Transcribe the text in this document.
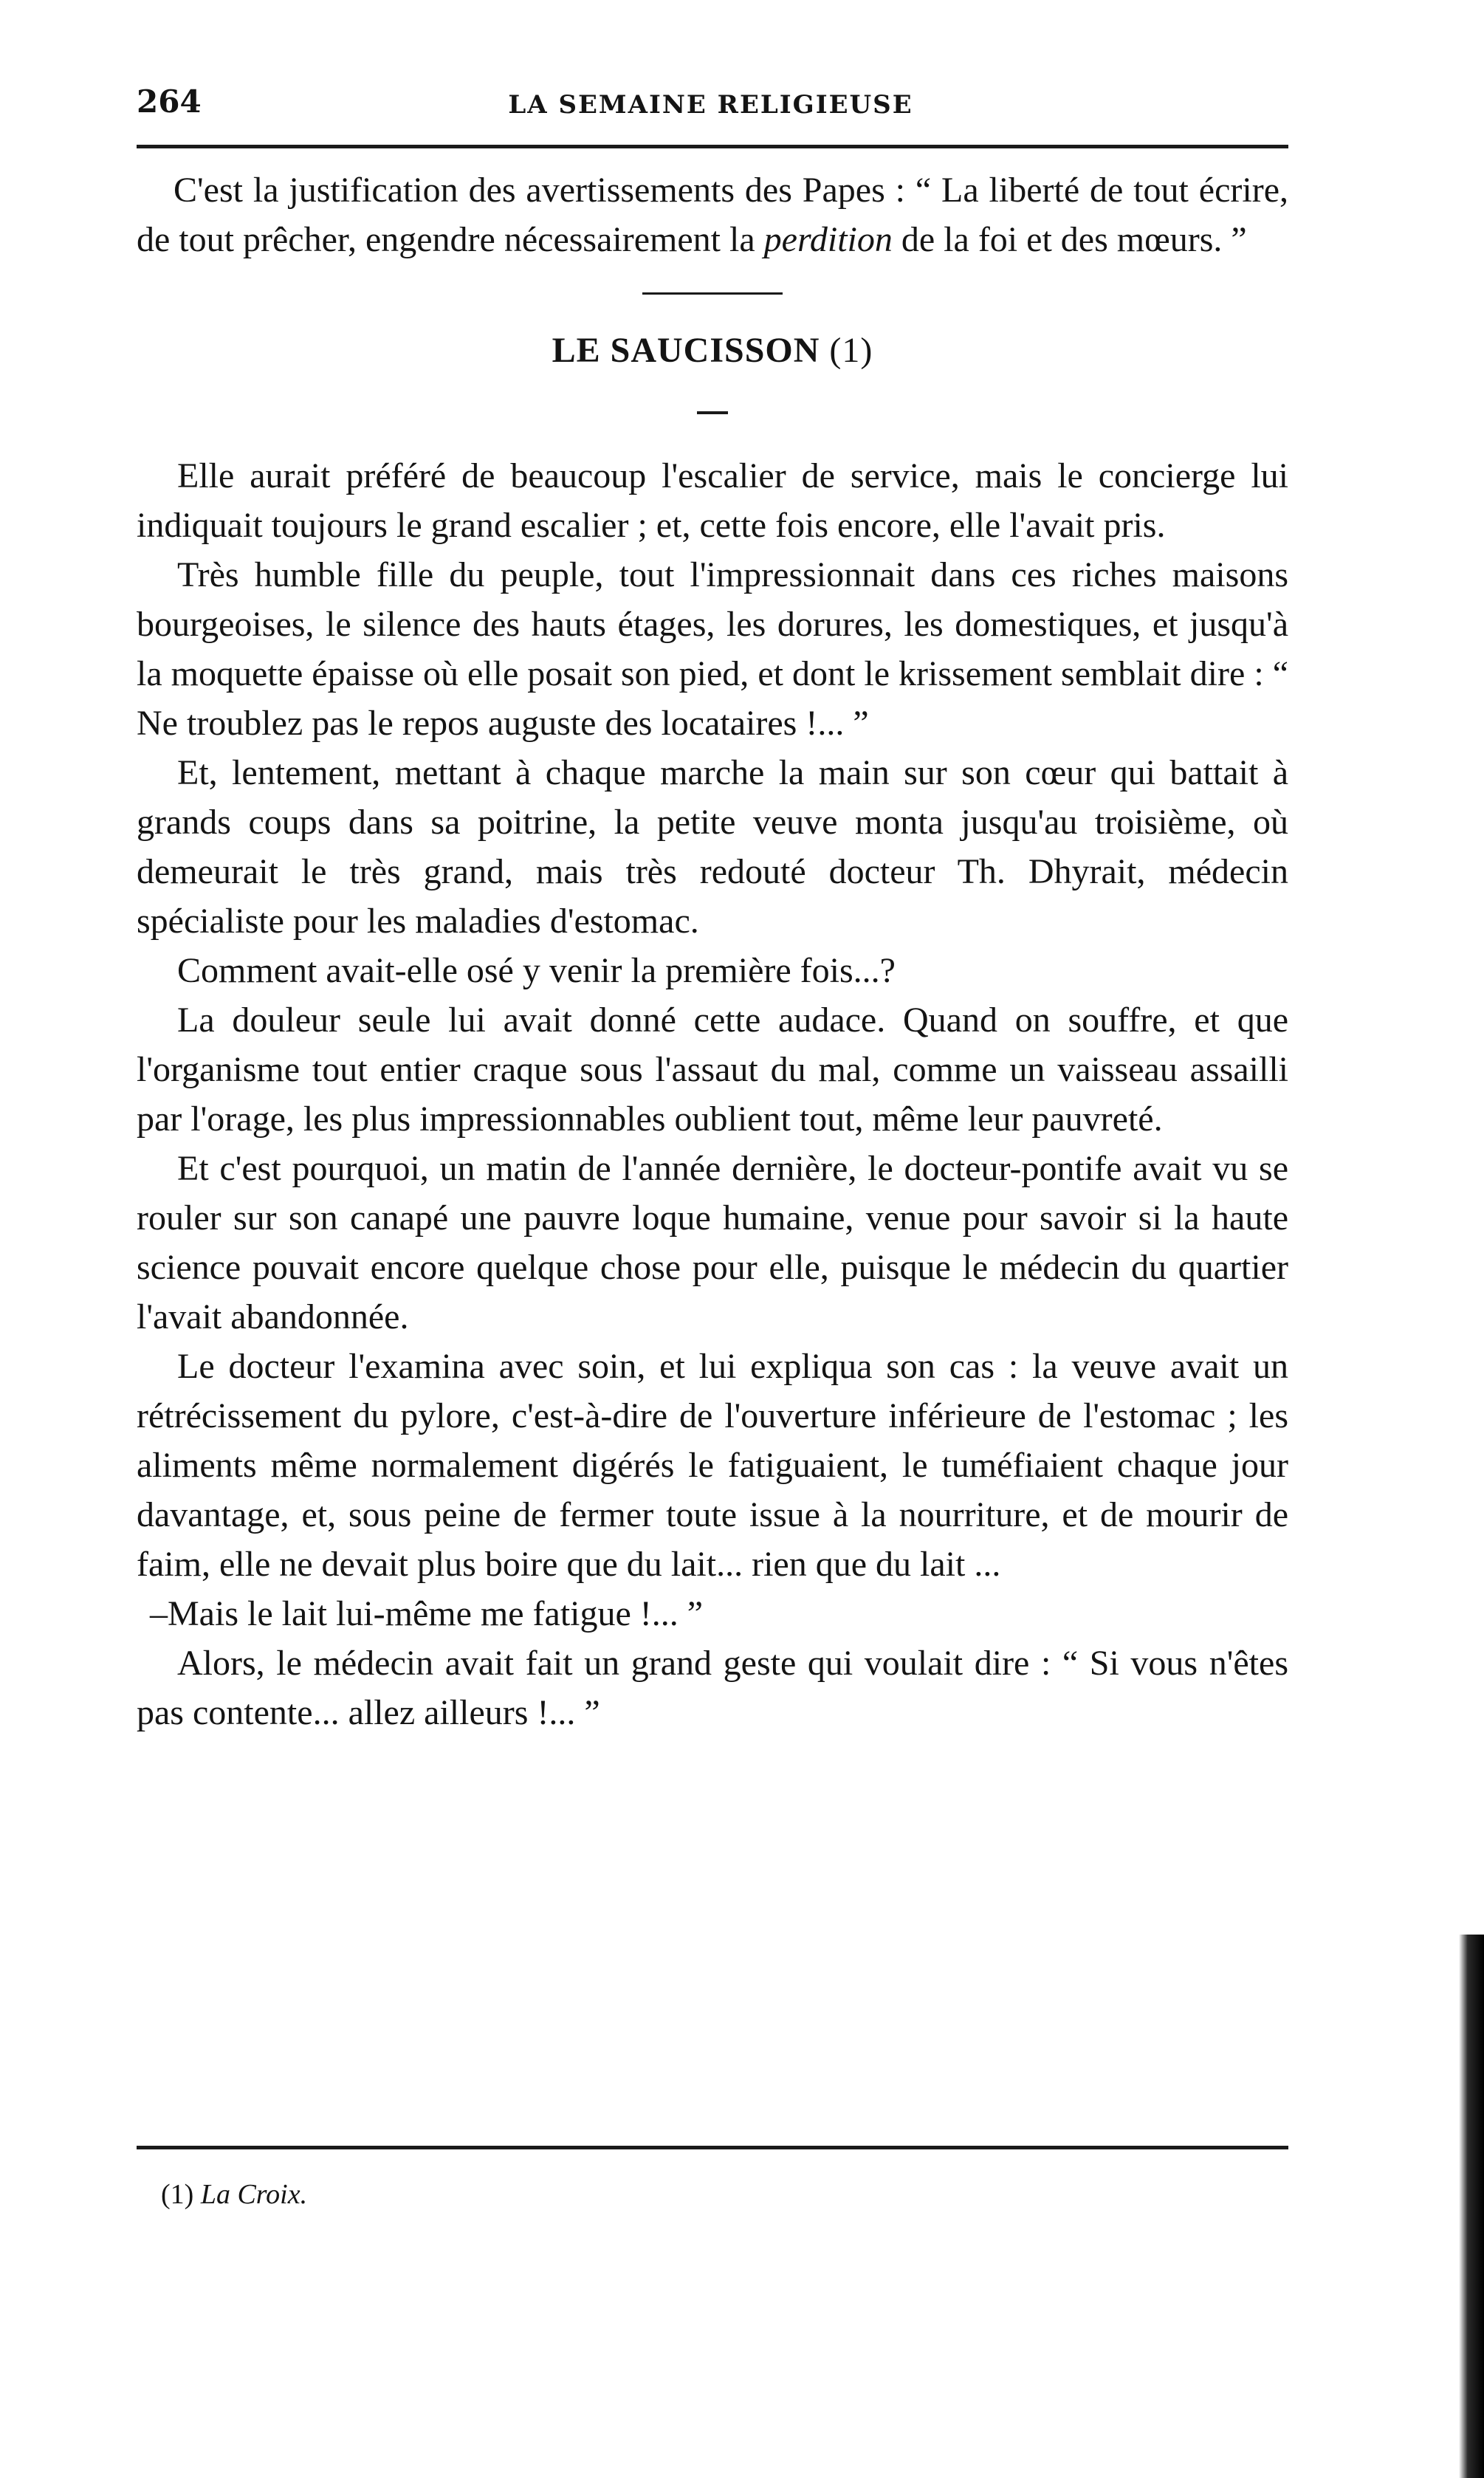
264	LA SEMAINE RELIGIEUSE

C'est la justification des avertissements des Papes : “ La liberté de tout écrire, de tout prêcher, engendre nécessairement la perdition de la foi et des mœurs. ”

LE SAUCISSON (1)

Elle aurait préféré de beaucoup l'escalier de service, mais le concierge lui indiquait toujours le grand escalier ; et, cette fois encore, elle l'avait pris.

Très humble fille du peuple, tout l'impressionnait dans ces riches maisons bourgeoises, le silence des hauts étages, les dorures, les domestiques, et jusqu'à la moquette épaisse où elle posait son pied, et dont le krissement semblait dire : “ Ne troublez pas le repos auguste des locataires !... ”

Et, lentement, mettant à chaque marche la main sur son cœur qui battait à grands coups dans sa poitrine, la petite veuve monta jusqu'au troisième, où demeurait le très grand, mais très redouté docteur Th. Dhyrait, médecin spécialiste pour les maladies d'estomac.

Comment avait-elle osé y venir la première fois...?

La douleur seule lui avait donné cette audace. Quand on souffre, et que l'organisme tout entier craque sous l'assaut du mal, comme un vaisseau assailli par l'orage, les plus impressionnables oublient tout, même leur pauvreté.

Et c'est pourquoi, un matin de l'année dernière, le docteur-pontife avait vu se rouler sur son canapé une pauvre loque humaine, venue pour savoir si la haute science pouvait encore quelque chose pour elle, puisque le médecin du quartier l'avait abandonnée.

Le docteur l'examina avec soin, et lui expliqua son cas : la veuve avait un rétrécissement du pylore, c'est-à-dire de l'ouverture inférieure de l'estomac ; les aliments même normalement digérés le fatiguaient, le tuméfiaient chaque jour davantage, et, sous peine de fermer toute issue à la nourriture, et de mourir de faim, elle ne devait plus boire que du lait... rien que du lait ...

–Mais le lait lui-même me fatigue !... ”

Alors, le médecin avait fait un grand geste qui voulait dire : “ Si vous n'êtes pas contente... allez ailleurs !... ”

(1) La Croix.
